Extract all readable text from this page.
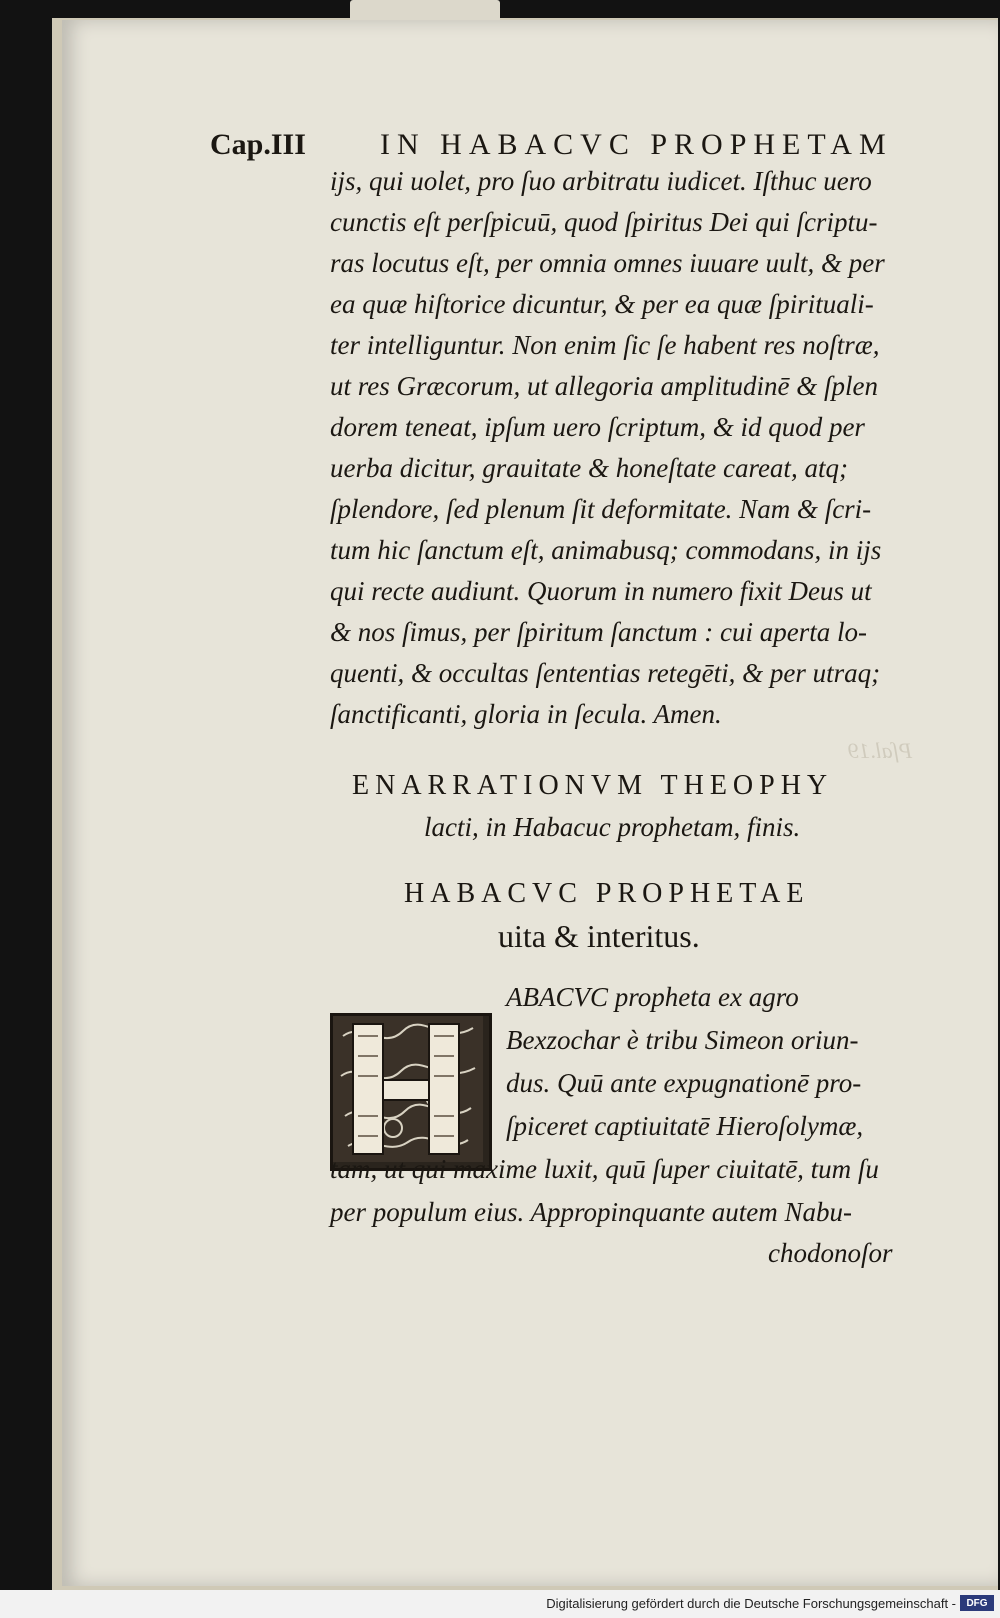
Pſal.19
Cap.III IN HABACVC PROPHETAM
ijs, qui uolet, pro ſuo arbitratu iudicet. Iſthuc uero
cunctis eſt perſpicuū, quod ſpiritus Dei qui ſcriptu-
ras locutus eſt, per omnia omnes iuuare uult, & per
ea quæ hiſtorice dicuntur, & per ea quæ ſpirituali-
ter intelliguntur. Non enim ſic ſe habent res noſtræ,
ut res Græcorum, ut allegoria amplitudinē & ſplen
dorem teneat, ipſum uero ſcriptum, & id quod per
uerba dicitur, grauitate & honeſtate careat, atq;
ſplendore, ſed plenum ſit deformitate. Nam & ſcri-
tum hic ſanctum eſt, animabusq; commodans, in ijs
qui recte audiunt. Quorum in numero fixit Deus ut
& nos ſimus, per ſpiritum ſanctum : cui aperta lo-
quenti, & occultas ſententias retegēti, & per utraq;
ſanctificanti, gloria in ſecula. Amen.
ENARRATIONVM THEOPHY
lacti, in Habacuc prophetam, finis.
HABACVC PROPHETAE
uita & interitus.
ABACVC propheta ex agro
Bexzochar è tribu Simeon oriun-
dus. Quū ante expugnationē pro-
ſpiceret captiuitatē Hieroſolymæ,
tam, ut qui maxime luxit, quū ſuper ciuitatē, tum ſu
per populum eius. Appropinquante autem Nabu-
chodonoſor
Digitalisierung gefördert durch die Deutsche Forschungsgemeinschaft - DFG
